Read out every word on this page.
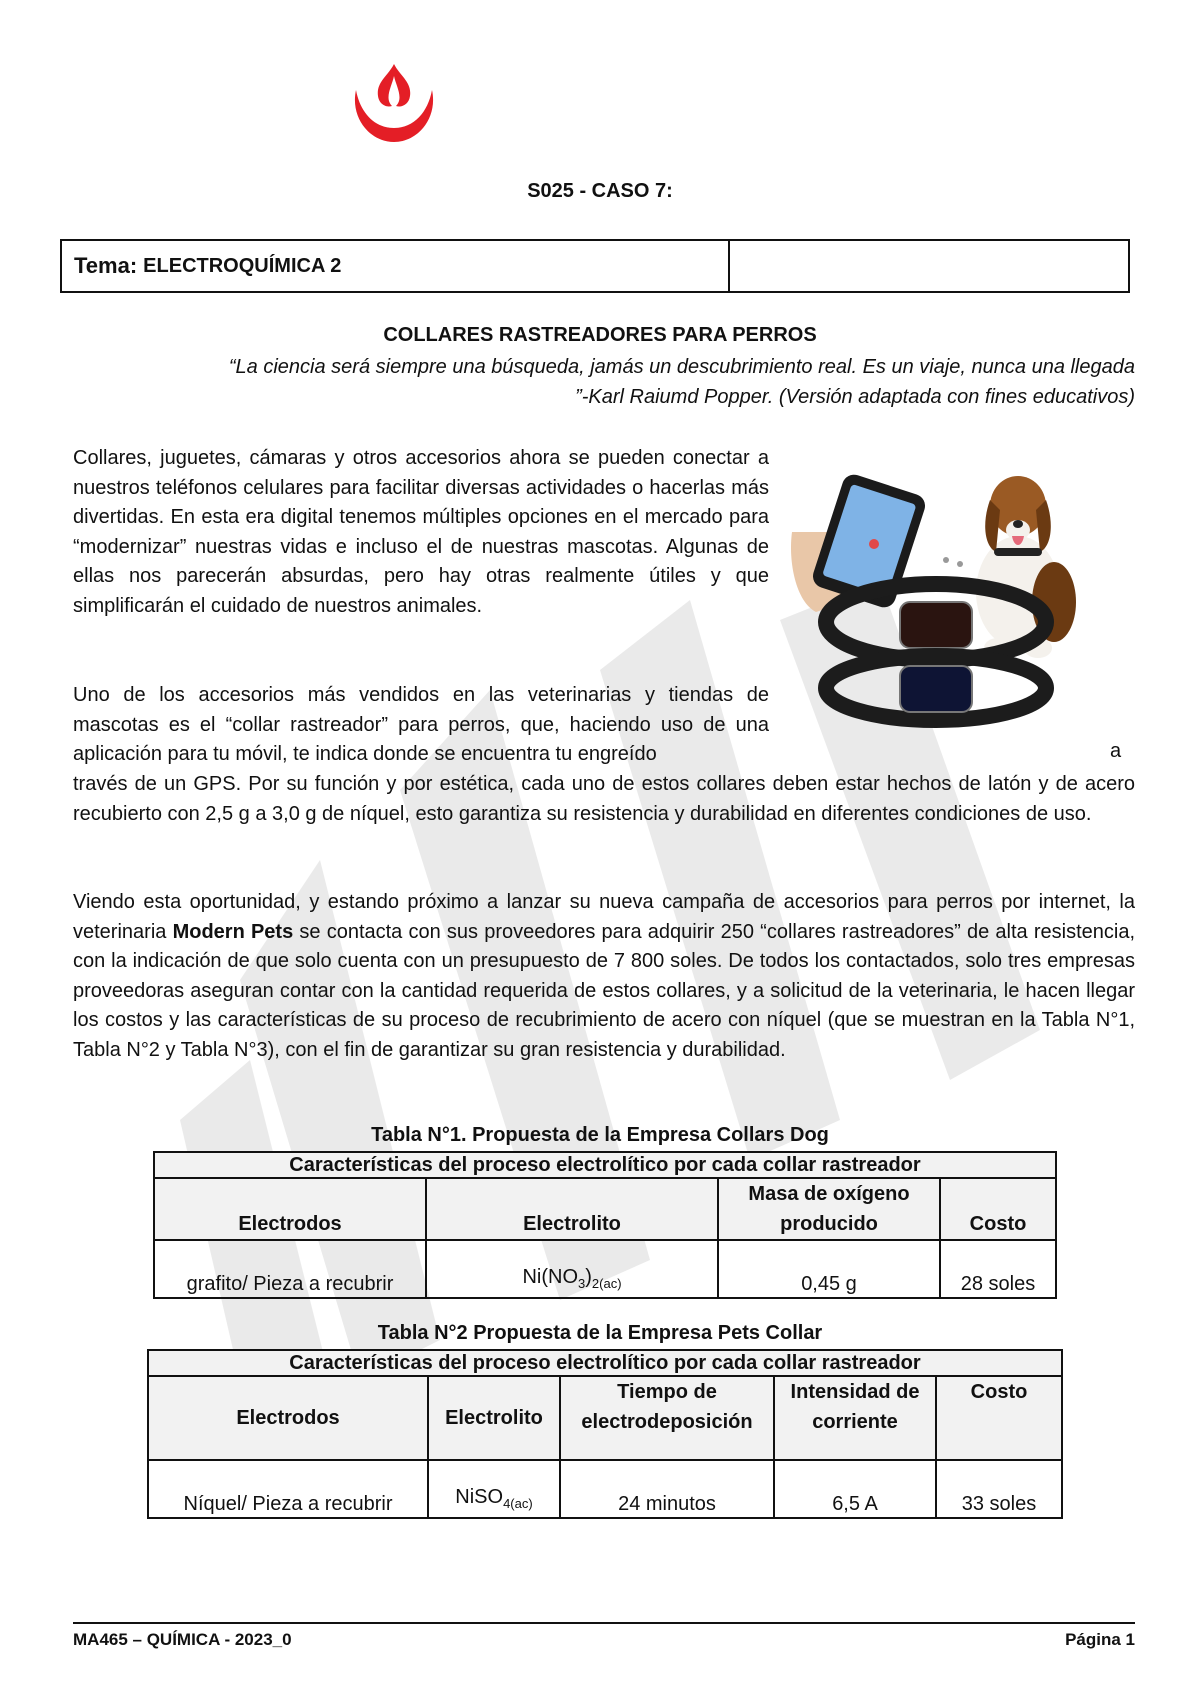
S025 - CASO 7:
Tema: ELECTROQUÍMICA 2
COLLARES RASTREADORES PARA PERROS
“La ciencia será siempre una búsqueda, jamás un descubrimiento real. Es un viaje, nunca una llegada
”-Karl Raiumd Popper. (Versión adaptada con fines educativos)
Collares, juguetes, cámaras y otros accesorios ahora se pueden conectar a nuestros teléfonos celulares para facilitar diversas actividades o hacerlas más divertidas. En esta era digital tenemos múltiples opciones en el mercado para “modernizar” nuestras vidas e incluso el de nuestras mascotas. Algunas de ellas nos parecerán absurdas, pero hay otras realmente útiles y que simplificarán el cuidado de nuestros animales.
Uno de los accesorios más vendidos en las veterinarias y tiendas de mascotas es el “collar rastreador” para perros, que, haciendo uso de una aplicación para tu móvil, te indica donde se encuentra tu engreído	a
través de un GPS. Por su función y por estética, cada uno de estos collares deben estar hechos de latón y de acero recubierto con 2,5 g a 3,0 g de níquel, esto garantiza su resistencia y durabilidad en diferentes condiciones de uso.
Viendo esta oportunidad, y estando próximo a lanzar su nueva campaña de accesorios para perros por internet, la veterinaria Modern Pets se contacta con sus proveedores para adquirir 250 “collares rastreadores” de alta resistencia, con la indicación de que solo cuenta con un presupuesto de 7 800 soles. De todos los contactados, solo tres empresas proveedoras aseguran contar con la cantidad requerida de estos collares, y a solicitud de la veterinaria, le hacen llegar los costos y las características de su proceso de recubrimiento de acero con níquel (que se muestran en la Tabla N°1, Tabla N°2 y Tabla N°3), con el fin de garantizar su gran resistencia y durabilidad.
Tabla N°1. Propuesta de la Empresa Collars Dog
Características del proceso electrolítico por cada collar rastreador			
Electrodos	Electrolito	Masa de oxígeno producido	Costo
grafito/ Pieza a recubrir	$Ni(NO_3)_{2(ac)}$	0,45 g	28 soles
Tabla N°2 Propuesta de la Empresa Pets Collar
Características del proceso electrolítico por cada collar rastreador				
Electrodos	Electrolito	Tiempo de electrodeposición	Intensidad de corriente	Costo
Níquel/ Pieza a recubrir	NiSO$_{4(ac)}$	24 minutos	6,5 A	33 soles
MA465 – QUÍMICA - 2023_0	Página 1
